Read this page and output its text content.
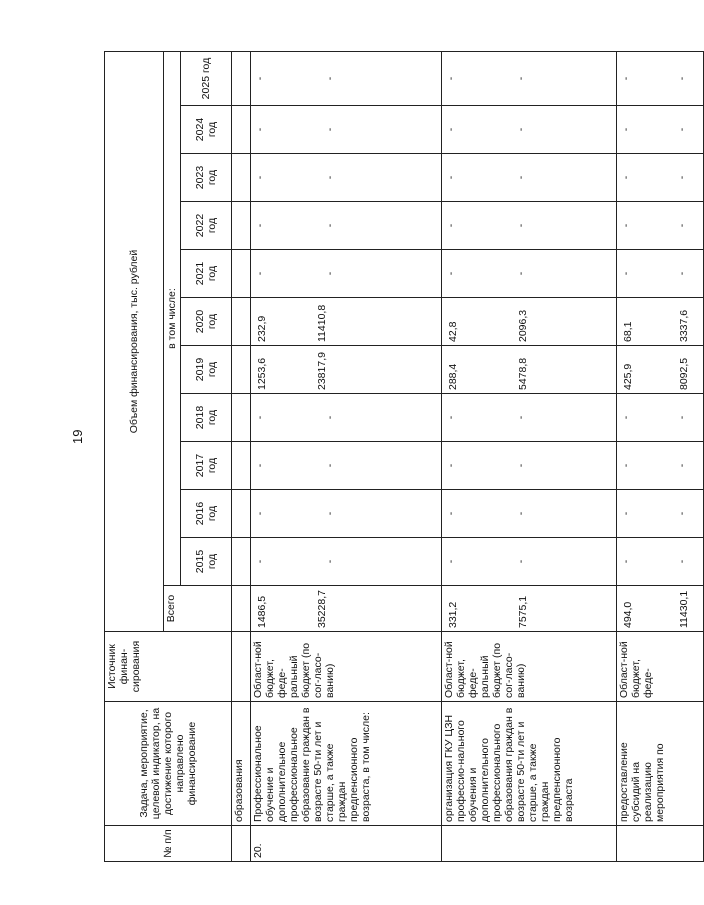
19
№ п/п	Задача, мероприятие, целевой индикатор, на достижение которого направлено финансирование	Источник финан-сирования	Объем финансирования, тыс. рублей											
			Всего	в том числе:										
				2015 год	2016 год	2017 год	2018 год	2019 год	2020 год	2021 год	2022 год	2023 год	2024 год	2025 год
	образования													
20.	Профессиональное обучение и дополнительное профессиональное образование граждан в возрасте 50-ти лет и старше, а также граждан предпенсионного возраста, в том числе:	Област-ной бюджет, феде-ральный бюджет (по сог-ласо-ванию)	1486,5 35228,7	- -	- -	- -	- -	1253,6 23817,9	232,9 11410,8	- -	- -	- -	- -	- -

	организация ГКУ ЦЗН профессио-нального обучения и дополнительного профессионального образования граждан в возрасте 50-ти лет и старше, а также граждан предпенсионного возраста	Област-ной бюджет, феде-ральный бюджет (по сог-ласо-ванию)	331,2 7575,1	- -	- -	- -	- -	288,4 5478,8	42,8 2096,3	- -	- -	- -	- -	- -

	предоставление субсидий на реализацию мероприятия по	Област-ной бюджет, феде-	494,0 11430,1	- -	- -	- -	- -	425,9 8092,5	68,1 3337,6	- -	- -	- -	- -	- -
